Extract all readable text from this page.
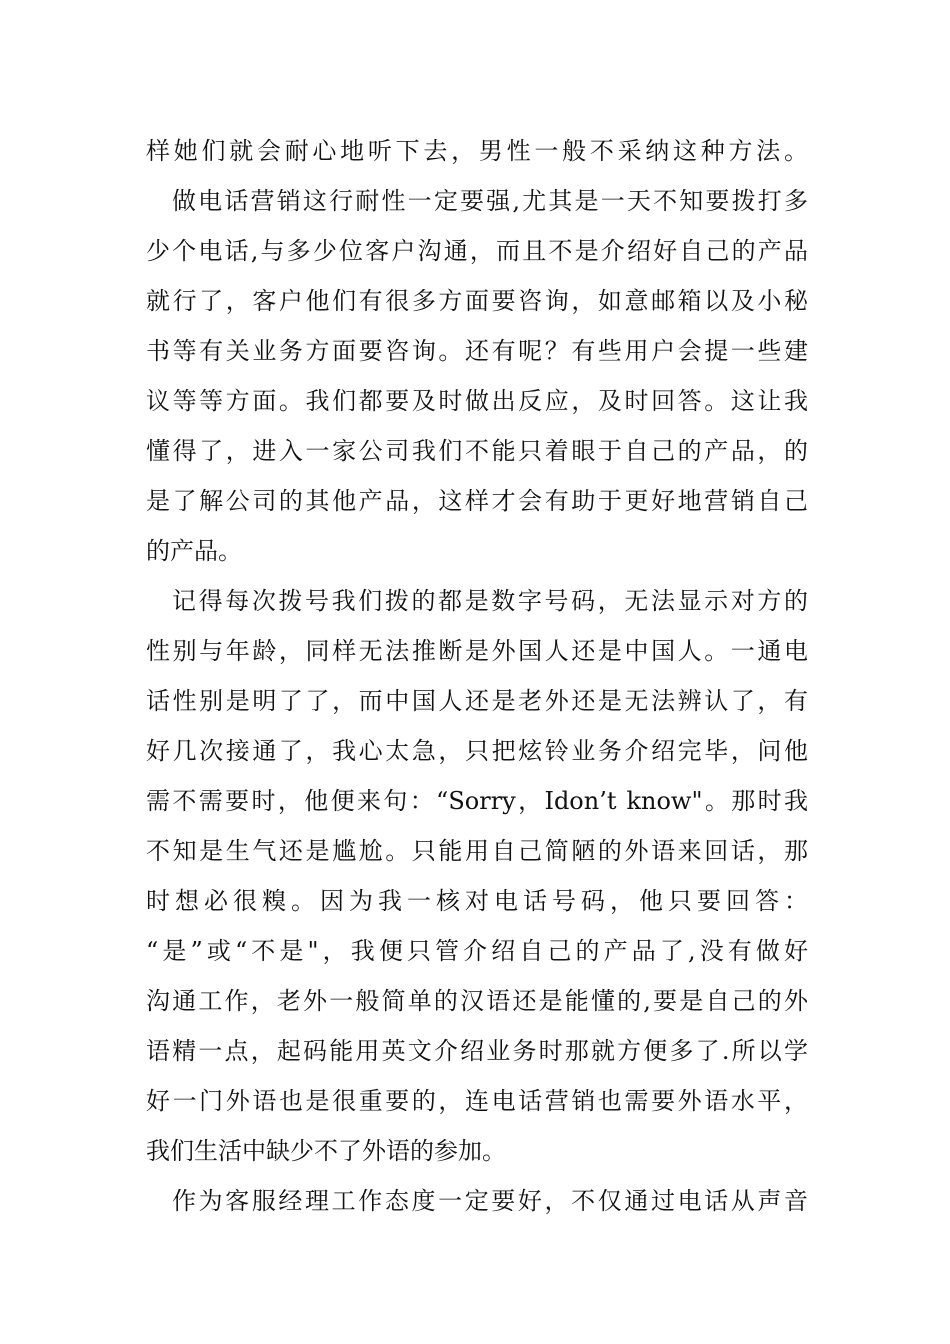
样她们就会耐心地听下去，男性一般不采纳这种方法。
做电话营销这行耐性一定要强,尤其是一天不知要拨打多
少个电话,与多少位客户沟通，而且不是介绍好自己的产品
就行了，客户他们有很多方面要咨询，如意邮箱以及小秘
书等有关业务方面要咨询。还有呢？有些用户会提一些建
议等等方面。我们都要及时做出反应，及时回答。这让我
懂得了，进入一家公司我们不能只着眼于自己的产品，的
是了解公司的其他产品，这样才会有助于更好地营销自己
的产品。
记得每次拨号我们拨的都是数字号码，无法显示对方的
性别与年龄，同样无法推断是外国人还是中国人。一通电
话性别是明了了，而中国人还是老外还是无法辨认了，有
好几次接通了，我心太急，只把炫铃业务介绍完毕，问他
需不需要时，他便来句：“Sorry，Idon’t know"。那时我
不知是生气还是尴尬。只能用自己简陋的外语来回话，那
时想必很糗。因为我一核对电话号码，他只要回答：
“是”或“不是"，我便只管介绍自己的产品了,没有做好
沟通工作，老外一般简单的汉语还是能懂的,要是自己的外
语精一点，起码能用英文介绍业务时那就方便多了.所以学
好一门外语也是很重要的，连电话营销也需要外语水平，
我们生活中缺少不了外语的参加。
作为客服经理工作态度一定要好，不仅通过电话从声音
